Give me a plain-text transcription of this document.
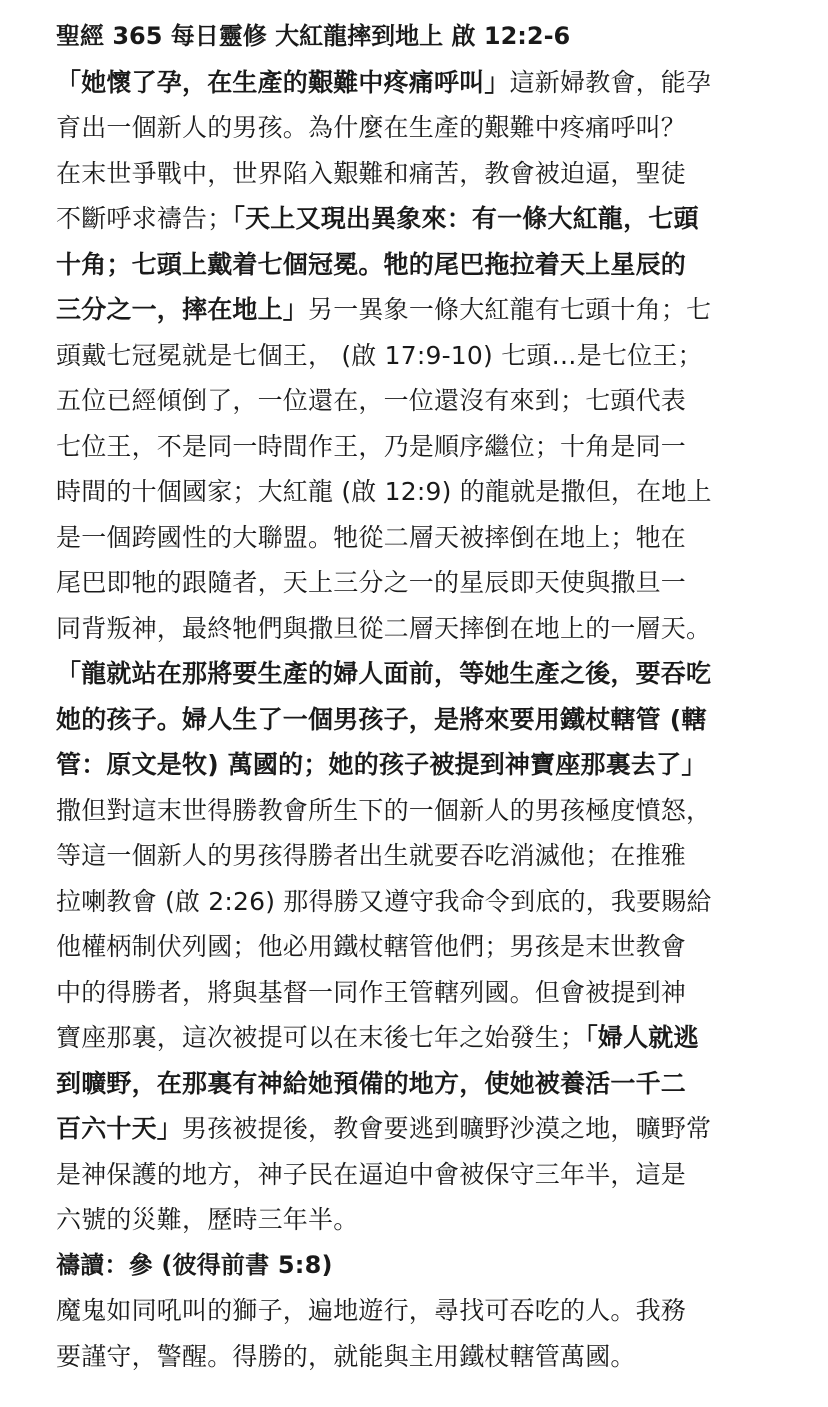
聖經 365 每日靈修 大紅龍摔到地上 啟 12:2-6
「她懷了孕，在生產的艱難中疼痛呼叫」這新婦教會，能孕
育出一個新人的男孩。為什麼在生產的艱難中疼痛呼叫？
在末世爭戰中，世界陷入艱難和痛苦，教會被迫逼，聖徒
不斷呼求禱告；「天上又現出異象來：有一條大紅龍，七頭
十角；七頭上戴着七個冠冕。牠的尾巴拖拉着天上星辰的
三分之一，摔在地上」另一異象一條大紅龍有七頭十角；七
頭戴七冠冕就是七個王， (啟 17:9-10) 七頭…是七位王；
五位已經傾倒了，一位還在，一位還沒有來到；七頭代表
七位王，不是同一時間作王，乃是順序繼位；十角是同一
時間的十個國家；大紅龍 (啟 12:9) 的龍就是撒但，在地上
是一個跨國性的大聯盟。牠從二層天被摔倒在地上；牠在
尾巴即牠的跟隨者，天上三分之一的星辰即天使與撒旦一
同背叛神，最終牠們與撒旦從二層天摔倒在地上的一層天。
「龍就站在那將要生產的婦人面前，等她生產之後，要吞吃
她的孩子。婦人生了一個男孩子，是將來要用鐵杖轄管 (轄
管：原文是牧) 萬國的；她的孩子被提到神寶座那裏去了」
撒但對這末世得勝教會所生下的一個新人的男孩極度憤怒，
等這一個新人的男孩得勝者出生就要吞吃消滅他；在推雅
拉喇教會 (啟 2:26) 那得勝又遵守我命令到底的，我要賜給
他權柄制伏列國；他必用鐵杖轄管他們；男孩是末世教會
中的得勝者，將與基督一同作王管轄列國。但會被提到神
寶座那裏，這次被提可以在末後七年之始發生；「婦人就逃
到曠野，在那裏有神給她預備的地方，使她被養活一千二
百六十天」男孩被提後，教會要逃到曠野沙漠之地，曠野常
是神保護的地方，神子民在逼迫中會被保守三年半，這是
六號的災難，歷時三年半。
禱讀：參 (彼得前書 5:8)
魔鬼如同吼叫的獅子，遍地遊行，尋找可吞吃的人。我務
要謹守，警醒。得勝的，就能與主用鐵杖轄管萬國。
